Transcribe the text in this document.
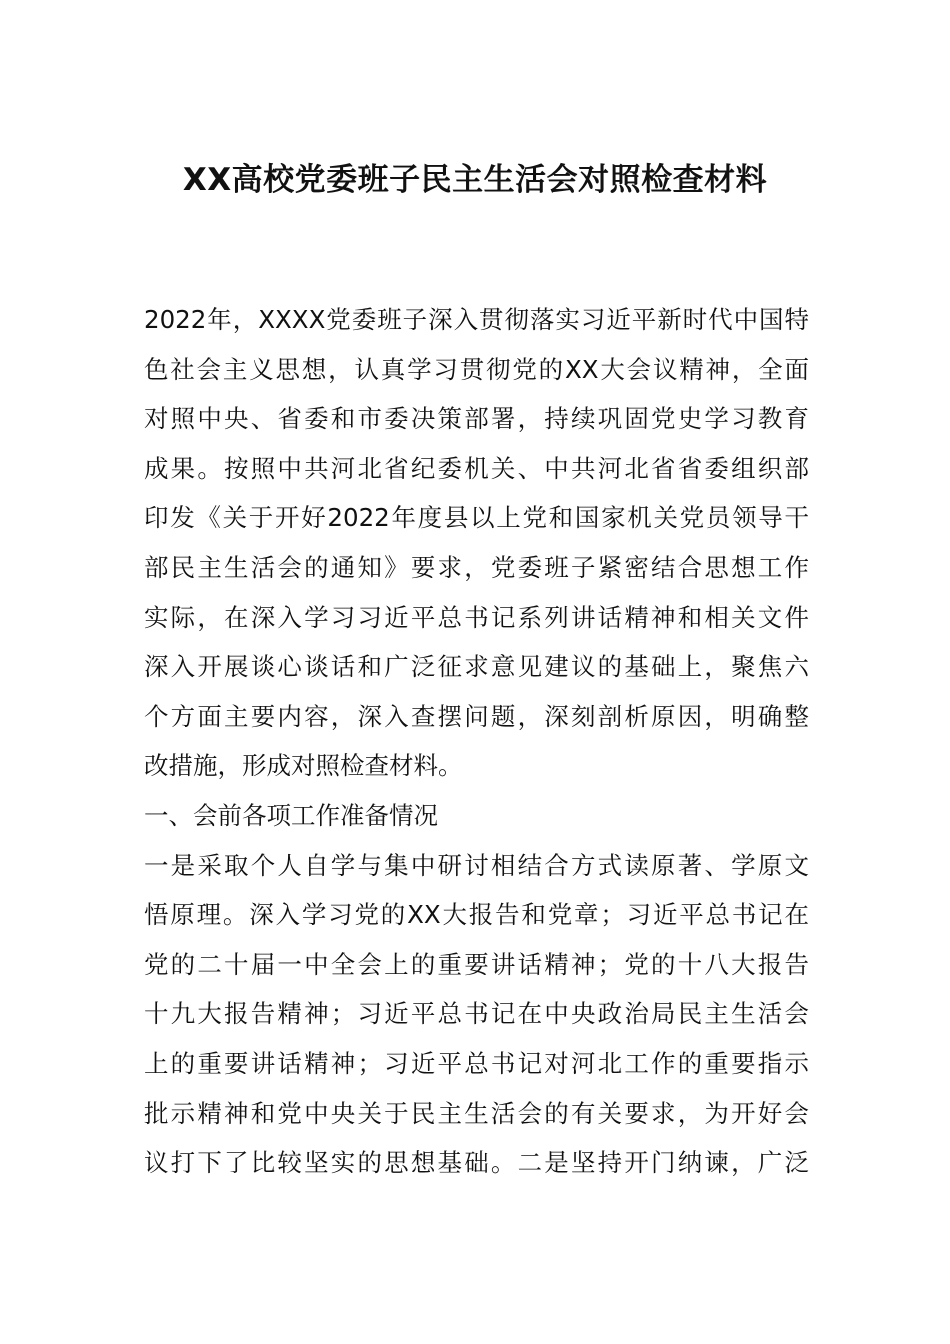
XX高校党委班子民主生活会对照检查材料
2022年，XXXX党委班子深入贯彻落实习近平新时代中国特
色社会主义思想，认真学习贯彻党的XX大会议精神，全面
对照中央、省委和市委决策部署，持续巩固党史学习教育
成果。按照中共河北省纪委机关、中共河北省省委组织部
印发《关于开好2022年度县以上党和国家机关党员领导干
部民主生活会的通知》要求，党委班子紧密结合思想工作
实际，在深入学习习近平总书记系列讲话精神和相关文件
深入开展谈心谈话和广泛征求意见建议的基础上，聚焦六
个方面主要内容，深入查摆问题，深刻剖析原因，明确整
改措施，形成对照检查材料。
一、会前各项工作准备情况
一是采取个人自学与集中研讨相结合方式读原著、学原文
悟原理。深入学习党的XX大报告和党章；习近平总书记在
党的二十届一中全会上的重要讲话精神；党的十八大报告
十九大报告精神；习近平总书记在中央政治局民主生活会
上的重要讲话精神；习近平总书记对河北工作的重要指示
批示精神和党中央关于民主生活会的有关要求，为开好会
议打下了比较坚实的思想基础。二是坚持开门纳谏，广泛
